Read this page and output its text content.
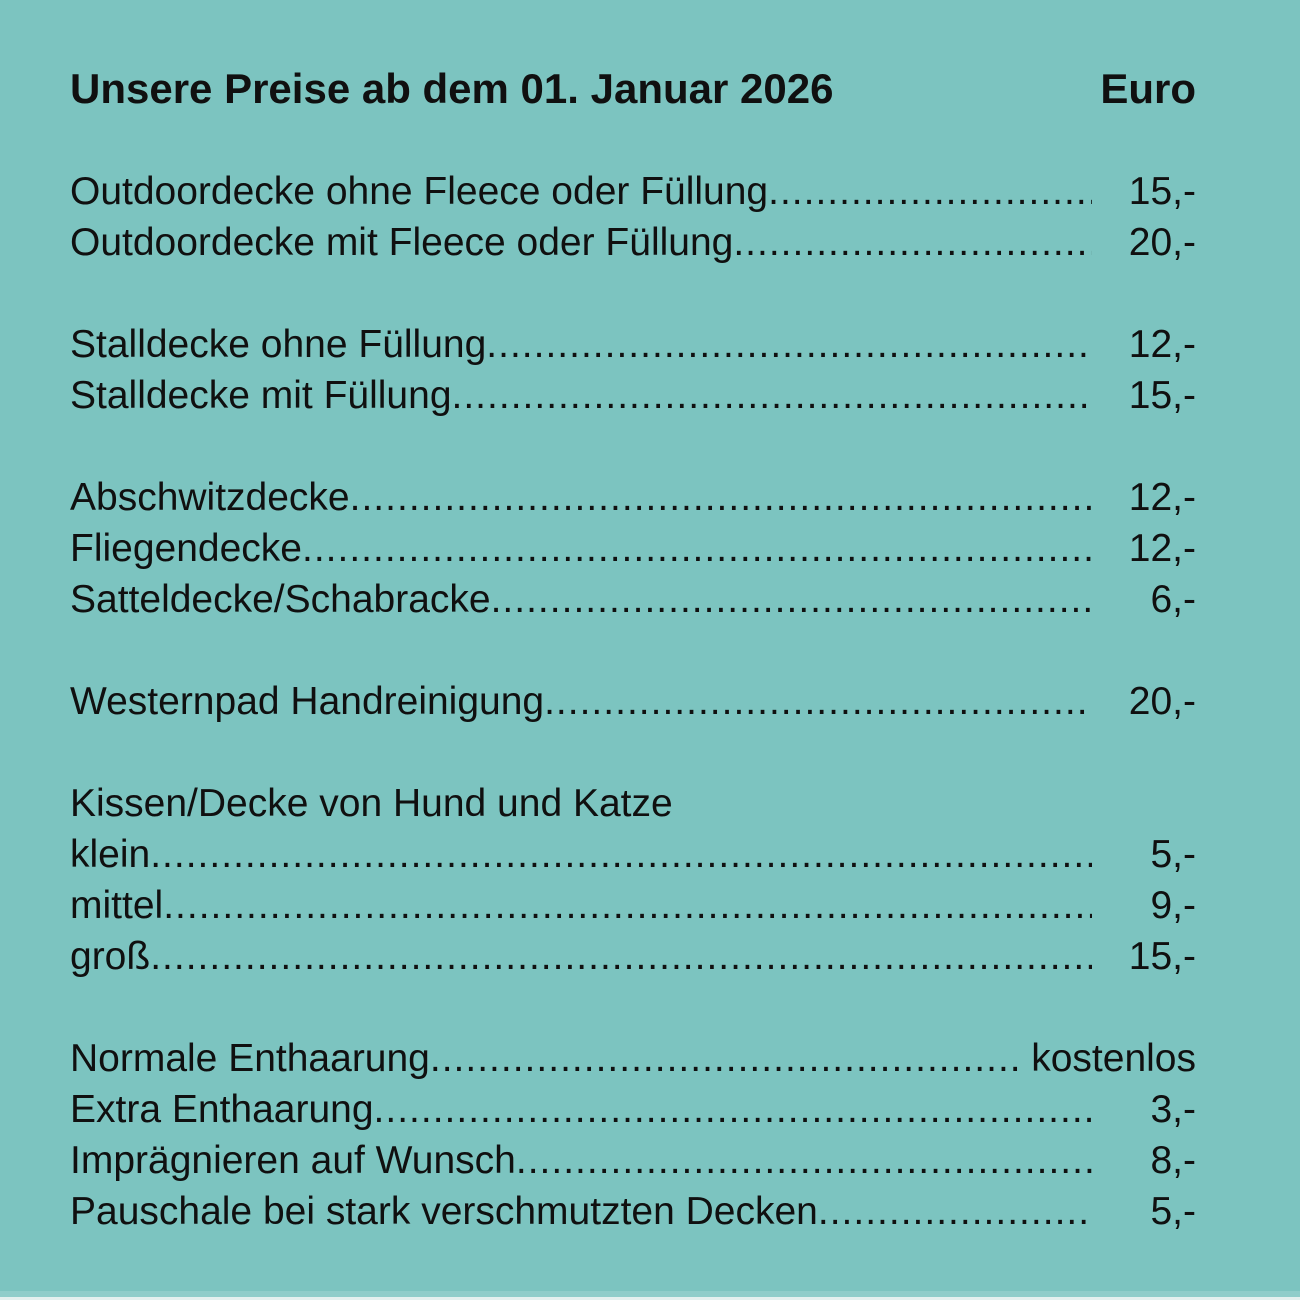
Unsere Preise ab dem 01. Januar 2026	Euro
Outdoordecke ohne Fleece oder Füllung .....	15,-
Outdoordecke mit Fleece oder Füllung .....	20,-
Stalldecke ohne Füllung .....	12,-
Stalldecke mit Füllung .....	15,-
Abschwitzdecke .....	12,-
Fliegendecke .....	12,-
Satteldecke/Schabracke .....	6,-
Westernpad Handreinigung .....	20,-
Kissen/Decke von Hund und Katze
klein .....	5,-
mittel .....	9,-
groß .....	15,-
Normale Enthaarung .....	kostenlos
Extra Enthaarung .....	3,-
Imprägnieren auf Wunsch .....	8,-
Pauschale bei stark verschmutzten Decken .....	5,-
